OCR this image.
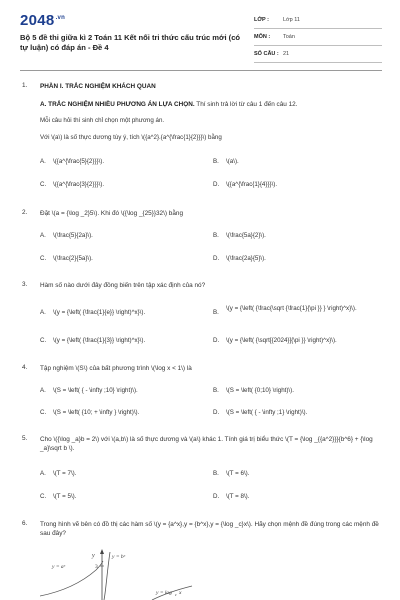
$2048^{.vn}$
Bộ 5 đề thi giữa kì 2 Toán 11 Kết nối tri thức cấu trúc mới (có tự luận) có đáp án - Đề 4
LỚP :	Lớp 11
MÔN : Toán
SỐ CÂU : 21
1. PHẦN I. TRẮC NGHIỆM KHÁCH QUAN
A. TRẮC NGHIỆM NHIỀU PHƯƠNG ÁN LỰA CHỌN. Thí sinh trả lời từ câu 1 đến câu 12.
Mỗi câu hỏi thí sinh chỉ chọn một phương án.
Với \(a\) là số thực dương tùy ý, tích \({a^2}.{a^{\frac{1}{2}}}\) bằng
A. \({a^{\frac{5}{2}}}\).	B. \(a\).
C. \({a^{\frac{3}{2}}}\).	D. \({a^{\frac{1}{4}}}\).
2. Đặt \(a = {\log _2}5\). Khi đó \({\log _{25}}32\) bằng
A. \(\frac{5}{2a}\).	B. \(\frac{5a}{2}\).
C. \(\frac{2}{5a}\).	D. \(\frac{2a}{5}\).
3. Hàm số nào dưới đây đồng biến trên tập xác định của nó?
A. \(y = {\left( {\frac{1}{e}} \right)^x}\).	B.
\(y = {\left( {\frac{\sqrt {\frac{1}{\pi }} } \right)^x}\).
C. \(y = {\left( {\frac{1}{3}} \right)^x}\).	D. \(y = {\left( {\sqrt[{2024}]{\pi }} \right)^x}\).
4. Tập nghiệm \(S\) của bất phương trình \(\log x < 1\) là
A. \(S = \left( { - \infty ;10} \right)\).	B. \(S = \left( {0;10} \right)\).
C. \(S = \left( {10; + \infty } \right)\).	D. \(S = \left( { - \infty ;1} \right)\).
5. Cho \({\log _a}b = 2\) với \(a,b\) là số thực dương và \(a\) khác 1. Tính giá trị biểu thức \(T = {\log _{{a^2}}}{b^6} + {\log _a}\sqrt b \).
A. \(T = 7\).	B. \(T = 6\).
C. \(T = 5\).	D. \(T = 8\).
6. Trong hình vẽ bên có đồ thị các hàm số \(y = {a^x},y = {b^x},y = {\log _c}x\). Hãy chọn mệnh đề đúng trong các mệnh đề sau đây?
y
3
y = aˣ
y = bˣ
y = log c x
